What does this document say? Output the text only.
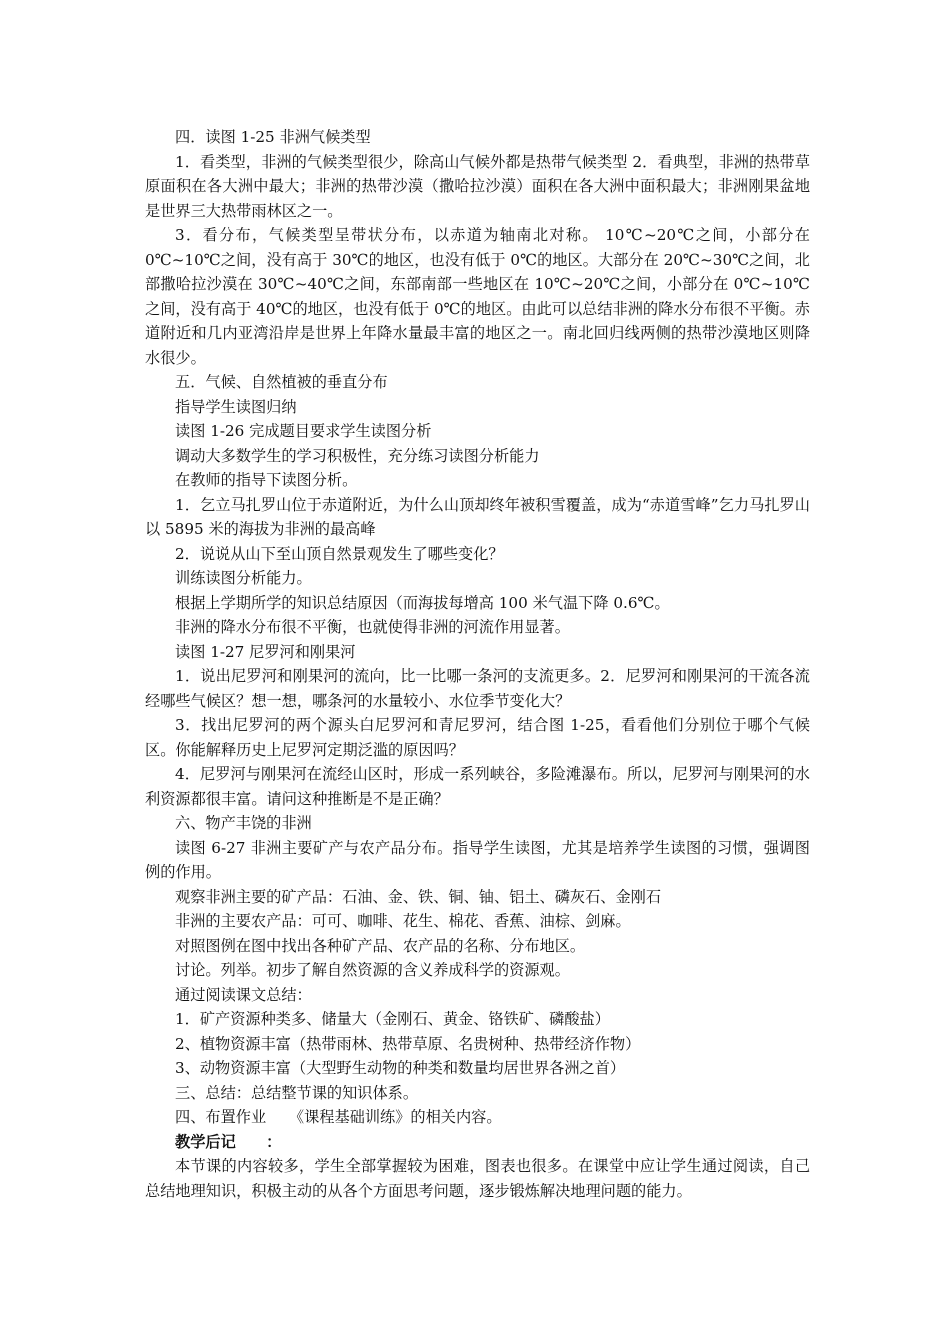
四．读图 1-25 非洲气候类型

1．看类型，非洲的气候类型很少，除高山气候外都是热带气候类型 2．看典型，非洲的热带草原面积在各大洲中最大；非洲的热带沙漠（撒哈拉沙漠）面积在各大洲中面积最大；非洲刚果盆地是世界三大热带雨林区之一。

3．看分布，气候类型呈带状分布，以赤道为轴南北对称。 10℃~20℃之间，小部分在 0℃~10℃之间，没有高于 30℃的地区，也没有低于 0℃的地区。大部分在 20℃~30℃之间，北部撒哈拉沙漠在 30℃~40℃之间，东部南部一些地区在 10℃~20℃之间，小部分在 0℃~10℃之间，没有高于 40℃的地区，也没有低于 0℃的地区。由此可以总结非洲的降水分布很不平衡。赤道附近和几内亚湾沿岸是世界上年降水量最丰富的地区之一。南北回归线两侧的热带沙漠地区则降水很少。

五．气候、自然植被的垂直分布

指导学生读图归纳

读图 1-26 完成题目要求学生读图分析

调动大多数学生的学习积极性，充分练习读图分析能力

在教师的指导下读图分析。

1．乞立马扎罗山位于赤道附近，为什么山顶却终年被积雪覆盖，成为“赤道雪峰”乞力马扎罗山以 5895 米的海拔为非洲的最高峰

2．说说从山下至山顶自然景观发生了哪些变化？

训练读图分析能力。

根据上学期所学的知识总结原因（而海拔每增高 100 米气温下降 0.6℃。

非洲的降水分布很不平衡，也就使得非洲的河流作用显著。

读图 1-27 尼罗河和刚果河

1．说出尼罗河和刚果河的流向，比一比哪一条河的支流更多。2．尼罗河和刚果河的干流各流经哪些气候区？想一想，哪条河的水量较小、水位季节变化大？

3．找出尼罗河的两个源头白尼罗河和青尼罗河，结合图 1-25，看看他们分别位于哪个气候区。你能解释历史上尼罗河定期泛滥的原因吗？

4．尼罗河与刚果河在流经山区时，形成一系列峡谷，多险滩瀑布。所以，尼罗河与刚果河的水利资源都很丰富。请问这种推断是不是正确？

六、物产丰饶的非洲

读图 6-27 非洲主要矿产与农产品分布。指导学生读图，尤其是培养学生读图的习惯，强调图例的作用。

观察非洲主要的矿产品：石油、金、铁、铜、铀、铝土、磷灰石、金刚石

非洲的主要农产品：可可、咖啡、花生、棉花、香蕉、油棕、剑麻。

对照图例在图中找出各种矿产品、农产品的名称、分布地区。

讨论。列举。初步了解自然资源的含义养成科学的资源观。

通过阅读课文总结：

1．矿产资源种类多、储量大（金刚石、黄金、铬铁矿、磷酸盐）

2、植物资源丰富（热带雨林、热带草原、名贵树种、热带经济作物）

3、动物资源丰富（大型野生动物的种类和数量均居世界各洲之首）

三、总结：总结整节课的知识体系。

四、布置作业　　《课程基础训练》的相关内容。

教学后记　　：

本节课的内容较多，学生全部掌握较为困难，图表也很多。在课堂中应让学生通过阅读，自己总结地理知识，积极主动的从各个方面思考问题，逐步锻炼解决地理问题的能力。
